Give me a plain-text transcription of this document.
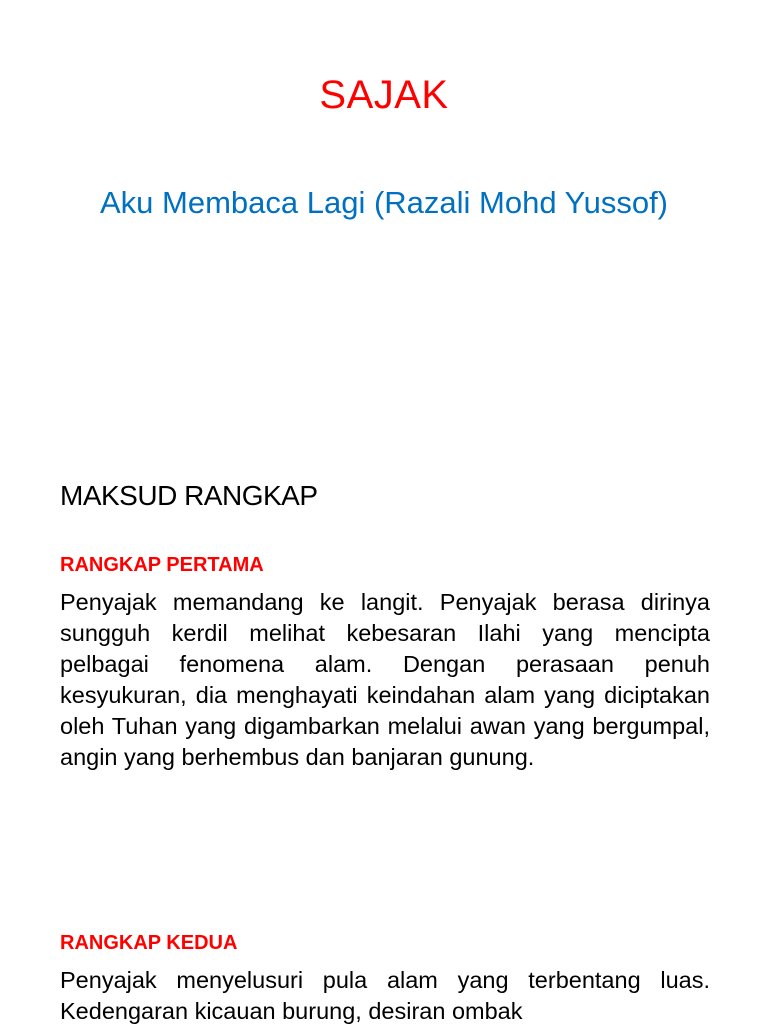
SAJAK
Aku Membaca Lagi (Razali Mohd Yussof)
MAKSUD RANGKAP
RANGKAP PERTAMA
Penyajak memandang ke langit. Penyajak berasa dirinya sungguh kerdil melihat kebesaran Ilahi yang mencipta pelbagai fenomena alam. Dengan perasaan penuh kesyukuran, dia menghayati keindahan alam yang diciptakan oleh Tuhan yang digambarkan melalui awan yang bergumpal, angin yang berhembus dan banjaran gunung.
RANGKAP KEDUA
Penyajak menyelusuri pula alam yang terbentang luas. Kedengaran kicauan burung, desiran ombak
